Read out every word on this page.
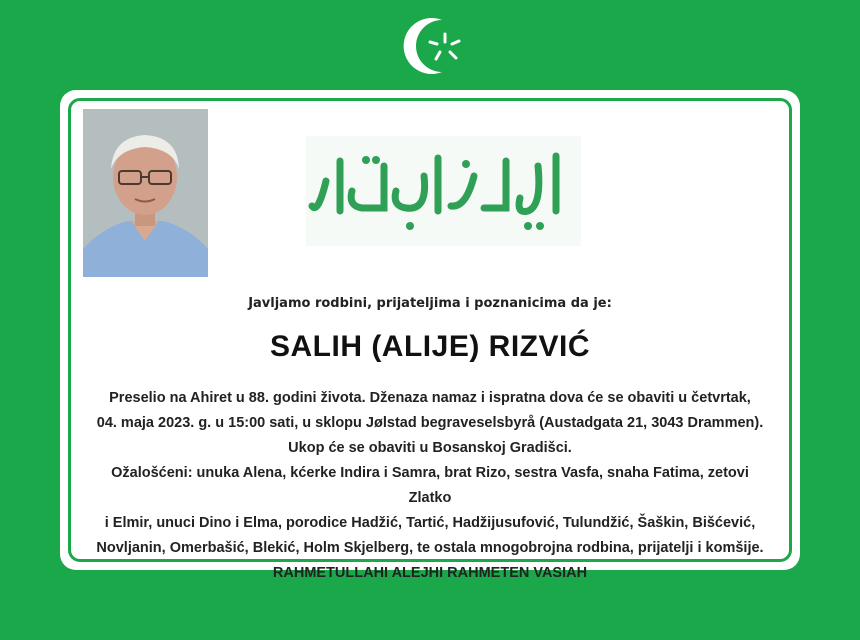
Javljamo rodbini, prijateljima i poznanicima da je:
SALIH (ALIJE) RIZVIĆ

Preselio na Ahiret u 88. godini života. Dženaza namaz i ispratna dova će se obaviti u četvrtak,

04. maja 2023. g. u 15:00 sati, u sklopu Jølstad begraveselsbyrå (Austadgata 21, 3043 Drammen).

Ukop će se obaviti u Bosanskoj Gradišci.

Ožalošćeni: unuka Alena, kćerke Indira i Samra, brat Rizo, sestra Vasfa, snaha Fatima, zetovi Zlatko

i Elmir, unuci Dino i Elma, porodice Hadžić, Tartić, Hadžijusufović, Tulundžić, Šaškin, Bišćević,

Novljanin, Omerbašić, Blekić, Holm Skjelberg, te ostala mnogobrojna rodbina, prijatelji i komšije.

RAHMETULLAHI ALEJHI RAHMETEN VASIAH
